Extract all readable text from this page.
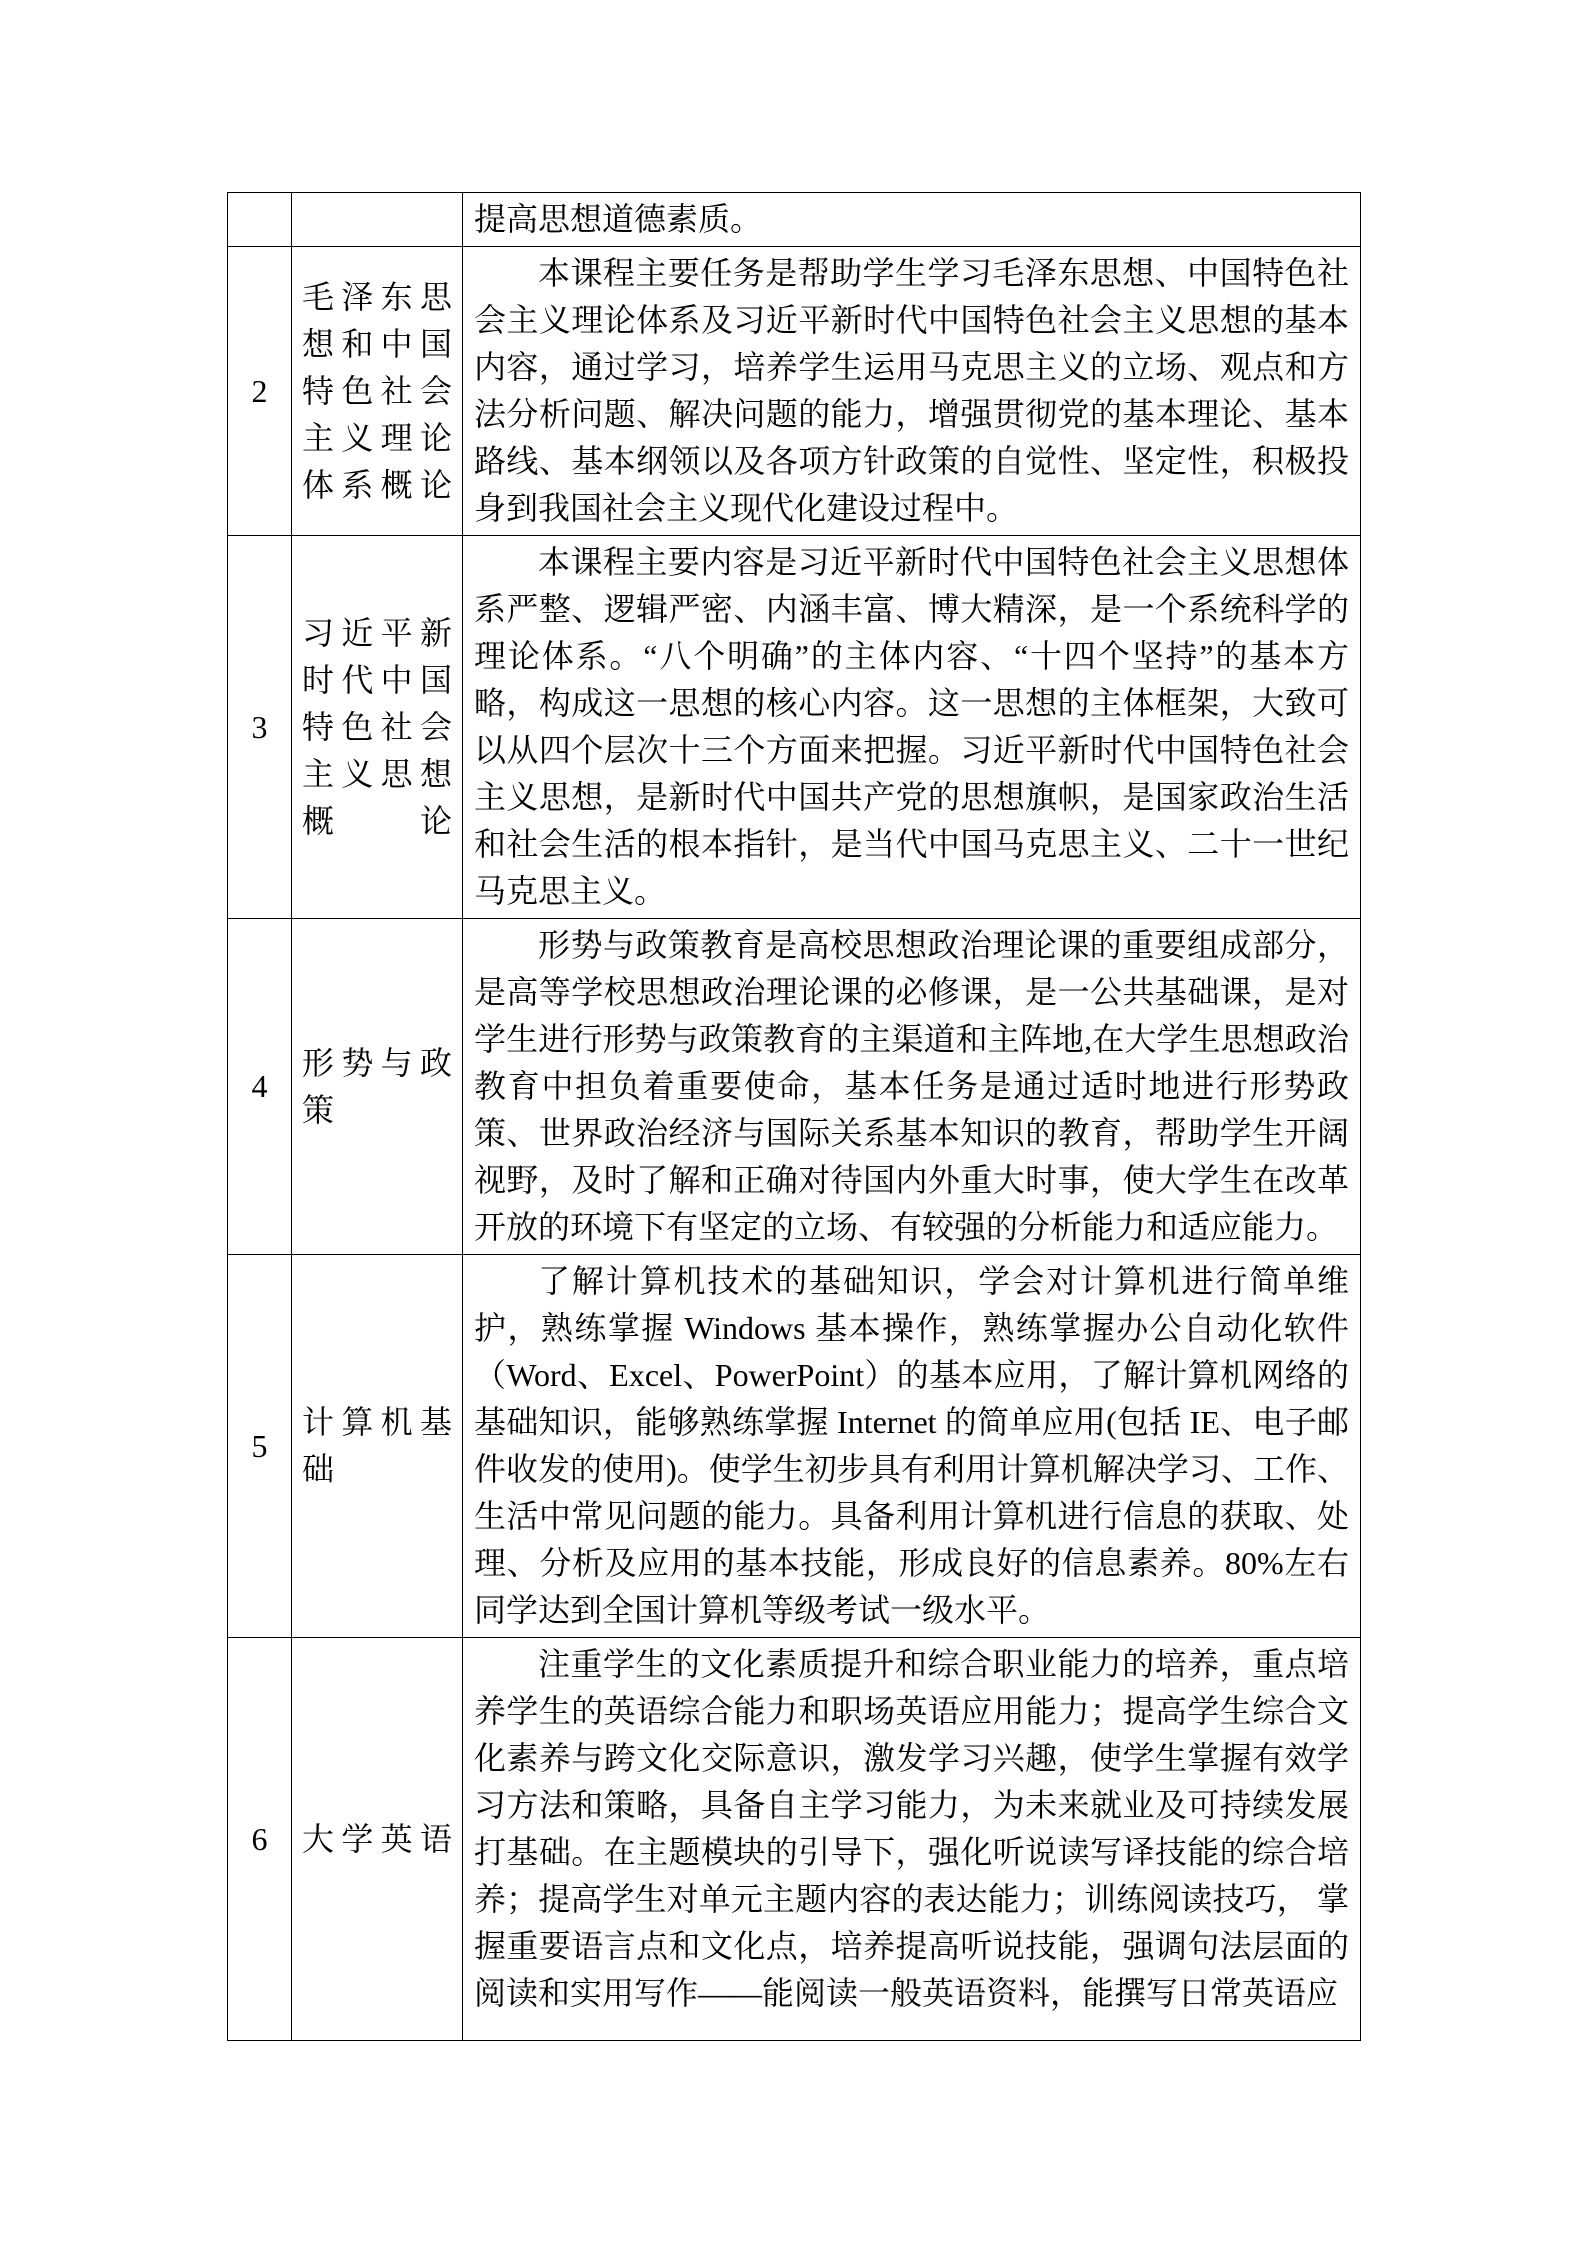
		提高思想道德素质。

2	毛泽东思想和中国特色社会主义理论体系概论	本课程主要任务是帮助学生学习毛泽东思想、中国特色社会主义理论体系及习近平新时代中国特色社会主义思想的基本内容，通过学习，培养学生运用马克思主义的立场、观点和方法分析问题、解决问题的能力，增强贯彻党的基本理论、基本路线、基本纲领以及各项方针政策的自觉性、坚定性，积极投身到我国社会主义现代化建设过程中。

3	习近平新时代中国特色社会主义思想概论	本课程主要内容是习近平新时代中国特色社会主义思想体系严整、逻辑严密、内涵丰富、博大精深，是一个系统科学的理论体系。“八个明确”的主体内容、“十四个坚持”的基本方略，构成这一思想的核心内容。这一思想的主体框架，大致可以从四个层次十三个方面来把握。习近平新时代中国特色社会主义思想，是新时代中国共产党的思想旗帜，是国家政治生活和社会生活的根本指针，是当代中国马克思主义、二十一世纪马克思主义。

4	形势与政策	形势与政策教育是高校思想政治理论课的重要组成部分，是高等学校思想政治理论课的必修课，是一公共基础课，是对学生进行形势与政策教育的主渠道和主阵地,在大学生思想政治教育中担负着重要使命，基本任务是通过适时地进行形势政策、世界政治经济与国际关系基本知识的教育，帮助学生开阔视野，及时了解和正确对待国内外重大时事，使大学生在改革开放的环境下有坚定的立场、有较强的分析能力和适应能力。

5	计算机基础	了解计算机技术的基础知识，学会对计算机进行简单维护，熟练掌握 Windows 基本操作，熟练掌握办公自动化软件（Word、Excel、PowerPoint）的基本应用，了解计算机网络的基础知识，能够熟练掌握 Internet 的简单应用(包括 IE、电子邮件收发的使用)。使学生初步具有利用计算机解决学习、工作、生活中常见问题的能力。具备利用计算机进行信息的获取、处理、分析及应用的基本技能，形成良好的信息素养。80%左右同学达到全国计算机等级考试一级水平。

6	大学英语	注重学生的文化素质提升和综合职业能力的培养，重点培养学生的英语综合能力和职场英语应用能力；提高学生综合文化素养与跨文化交际意识，激发学习兴趣，使学生掌握有效学习方法和策略，具备自主学习能力，为未来就业及可持续发展打基础。在主题模块的引导下，强化听说读写译技能的综合培养；提高学生对单元主题内容的表达能力；训练阅读技巧， 掌握重要语言点和文化点，培养提高听说技能，强调句法层面的阅读和实用写作——能阅读一般英语资料，能撰写日常英语应
